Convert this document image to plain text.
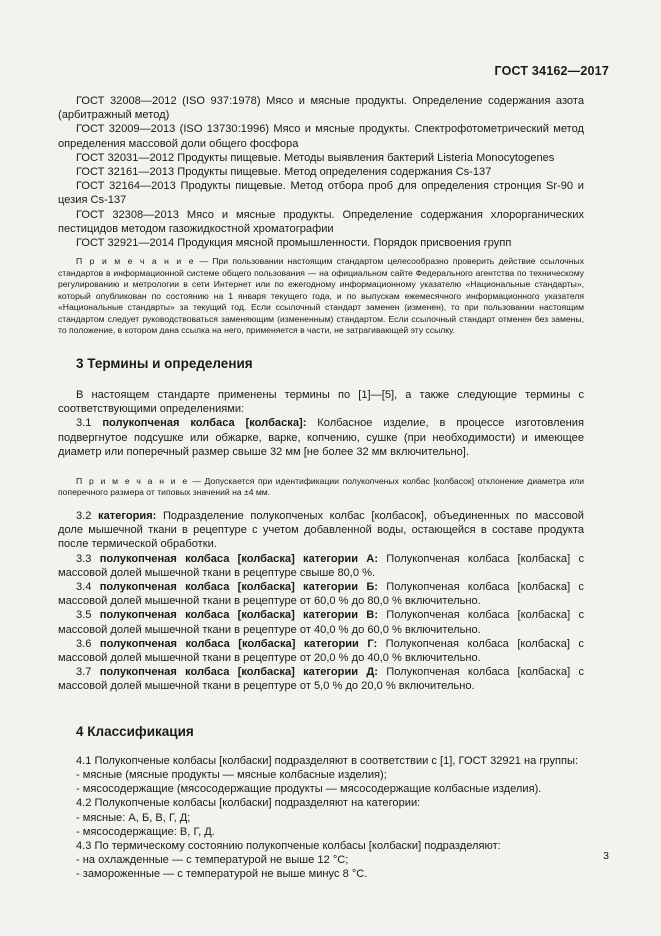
ГОСТ 34162—2017

ГОСТ 32008—2012 (ISO 937:1978) Мясо и мясные продукты. Определение содержания азота (арбитражный метод)

ГОСТ 32009—2013 (ISO 13730:1996) Мясо и мясные продукты. Спектрофотометрический метод определения массовой доли общего фосфора

ГОСТ 32031—2012 Продукты пищевые. Методы выявления бактерий Listeria Monocytogenes

ГОСТ 32161—2013 Продукты пищевые. Метод определения содержания Cs-137

ГОСТ 32164—2013 Продукты пищевые. Метод отбора проб для определения стронция Sr-90 и цезия Cs-137

ГОСТ 32308—2013 Мясо и мясные продукты. Определение содержания хлорорганических пестицидов методом газожидкостной хроматографии

ГОСТ 32921—2014 Продукция мясной промышленности. Порядок присвоения групп

П р и м е ч а н и е — При пользовании настоящим стандартом целесообразно проверить действие ссылочных стандартов в информационной системе общего пользования — на официальном сайте Федерального агентства по техническому регулированию и метрологии в сети Интернет или по ежегодному информационному указателю «Национальные стандарты», который опубликован по состоянию на 1 января текущего года, и по выпускам ежемесячного информационного указателя «Национальные стандарты» за текущий год. Если ссылочный стандарт заменен (изменен), то при пользовании настоящим стандартом следует руководствоваться заменяющим (измененным) стандартом. Если ссылочный стандарт отменен без замены, то положение, в котором дана ссылка на него, применяется в части, не затрагивающей эту ссылку.

3 Термины и определения

В настоящем стандарте применены термины по [1]—[5], а также следующие термины с соответствующими определениями:

3.1 полукопченая колбаса [колбаска]: Колбасное изделие, в процессе изготовления подвергнутое подсушке или обжарке, варке, копчению, сушке (при необходимости) и имеющее диаметр или поперечный размер свыше 32 мм [не более 32 мм включительно].

П р и м е ч а н и е — Допускается при идентификации полукопченых колбас [колбасок] отклонение диаметра или поперечного размера от типовых значений на ±4 мм.

3.2 категория: Подразделение полукопченых колбас [колбасок], объединенных по массовой доле мышечной ткани в рецептуре с учетом добавленной воды, остающейся в составе продукта после термической обработки.

3.3 полукопченая колбаса [колбаска] категории А: Полукопченая колбаса [колбаска] с массовой долей мышечной ткани в рецептуре свыше 80,0 %.

3.4 полукопченая колбаса [колбаска] категории Б: Полукопченая колбаса [колбаска] с массовой долей мышечной ткани в рецептуре от 60,0 % до 80,0 % включительно.

3.5 полукопченая колбаса [колбаска] категории В: Полукопченая колбаса [колбаска] с массовой долей мышечной ткани в рецептуре от 40,0 % до 60,0 % включительно.

3.6 полукопченая колбаса [колбаска] категории Г: Полукопченая колбаса [колбаска] с массовой долей мышечной ткани в рецептуре от 20,0 % до 40,0 % включительно.

3.7 полукопченая колбаса [колбаска] категории Д: Полукопченая колбаса [колбаска] с массовой долей мышечной ткани в рецептуре от 5,0 % до 20,0 % включительно.

4 Классификация

4.1 Полукопченые колбасы [колбаски] подразделяют в соответствии с [1], ГОСТ 32921 на группы:

- мясные (мясные продукты — мясные колбасные изделия);

- мясосодержащие (мясосодержащие продукты — мясосодержащие колбасные изделия).

4.2 Полукопченые колбасы [колбаски] подразделяют на категории:

- мясные: А, Б, В, Г, Д;

- мясосодержащие: В, Г, Д.

4.3 По термическому состоянию полукопченые колбасы [колбаски] подразделяют:

- на охлажденные — с температурой не выше 12 °С;

- замороженные — с температурой не выше минус 8 °С.

3
